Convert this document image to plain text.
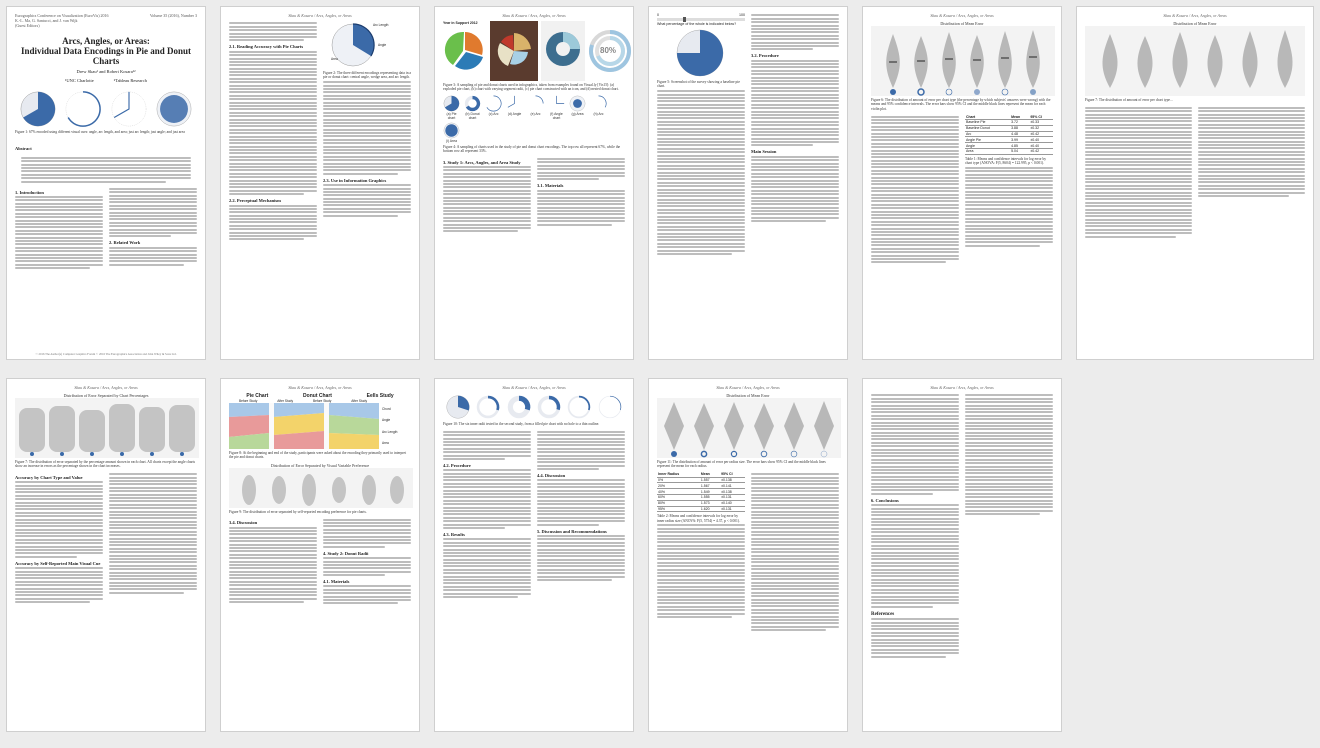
Eurographics Conference on Visualization (EuroVis) 2016
K.-L. Ma, G. Santucci, and J. van Wijk
(Guest Editors)
Volume 35 (2016), Number 3
Arcs, Angles, or Areas:
Individual Data Encodings in Pie and Donut Charts
Drew Skau¹ and Robert Kosara¹²
¹UNC Charlotte	²Tableau Research
Figure 1: 67% encoded using different visual cues: angle, arc length, and area; just arc length; just angle; and just area
Abstract
1. Introduction
2. Related Work
© 2016 The Author(s) Computer Graphics Forum © 2016 The Eurographics Association and John Wiley & Sons Ltd.
Skau & Kosara / Arcs, Angles, or Areas
2.1. Reading Accuracy with Pie Charts
2.2. Perceptual Mechanism
Arc Length
Angle
Area
Figure 2: The three different encodings representing data in a pie or donut chart: central angle, wedge area, and arc length.
2.3. Use in Information Graphics
Skau & Kosara / Arcs, Angles, or Areas
Year in Support 2012
80%
Figure 3: A sampling of pie and donut charts used in infographics, taken from examples found on Visual.ly [Vis15]: (a) exploded pie chart, (b) chart with varying segment radii, (c) pie chart constructed with an icon, and (d) nested donut chart.
(a) Pie chart
(b) Donut chart
(c) Arc	(d) Angle	(e) Arc	(f) Angle chart
(g) Area	(h) Arc
(i) Area
Figure 4: A sampling of charts used in the study of pie and donut chart encodings. The top row all represent 67%, while the bottom row all represent 33%.
3. Study 1: Arcs, Angles, and Area Study
3.1. Materials
0	100
What percentage of the whole is indicated below?
Figure 5: Screenshot of the survey showing a baseline pie chart.
3.2. Procedure
Main Session
Skau & Kosara / Arcs, Angles, or Areas
Distribution of Mean Error
Figure 6: The distribution of amount of error per chart type (the percentage by which subjects' answers were wrong) with the means and 95% confidence intervals. The error bars show 95% CI and the middle black lines represent the mean for each violin plot.
Chart	Mean	95% CI
Baseline Pie	3.72	±0.33
Baseline Donut	3.88	±0.32
Arc	4.48	±0.42
Angle Pie	3.99	±0.40
Angle	4.85	±0.40
Area	5.04	±0.42
Table 1: Means and confidence intervals for log error by chart type (ANOVA: F(5, 8604) = 122.995, p < 0.001).
Skau & Kosara / Arcs, Angles, or Areas
Distribution of Mean Error
Figure 7: The distribution of amount of error per chart type...
Skau & Kosara / Arcs, Angles, or Areas
Distribution of Error Separated by Chart Percentages
Figure 7: The distribution of error separated by the percentage amount shown in each chart. All charts except the angle charts show an increase in errors as the percentage shown in the chart increases.
Accuracy by Chart Type and Value
Accuracy by Self-Reported Main Visual Cue
Skau & Kosara / Arcs, Angles, or Areas
Pie Chart	Donut Chart	Eells Study
Before Study	After Study	Before Study	After Study
Chord
Angle
Arc Length
Area
Figure 8: At the beginning and end of the study, participants were asked about the encoding they primarily used to interpret the pie and donut charts.
Distribution of Error Separated by Visual Variable Preference
Figure 9: The distribution of error separated by self-reported encoding preference for pie charts.
3.4. Discussion
4. Study 2: Donut Radii
4.1. Materials
Skau & Kosara / Arcs, Angles, or Areas
Figure 10: The six inner radii tested in the second study, from a filled pie chart with no hole to a thin outline.
4.2. Procedure
4.3. Results
4.4. Discussion
5. Discussion and Recommendations
Skau & Kosara / Arcs, Angles, or Areas
Distribution of Mean Error
Figure 11: The distribution of amount of error per radius size. The error bars show 95% CI and the middle black lines represent the mean for each radius.
Inner Radius	Mean	95% CI
0%	1.557	±0.138
20%	1.567	±0.141
40%	1.549	±0.138
60%	1.555	±0.131
80%	1.573	±0.140
95%	1.620	±0.131
Table 2: Means and confidence intervals for log error by inner radius size (ANOVA: F(5, 5754) = 4.37, p < 0.001).
Skau & Kosara / Arcs, Angles, or Areas
6. Conclusions
References
